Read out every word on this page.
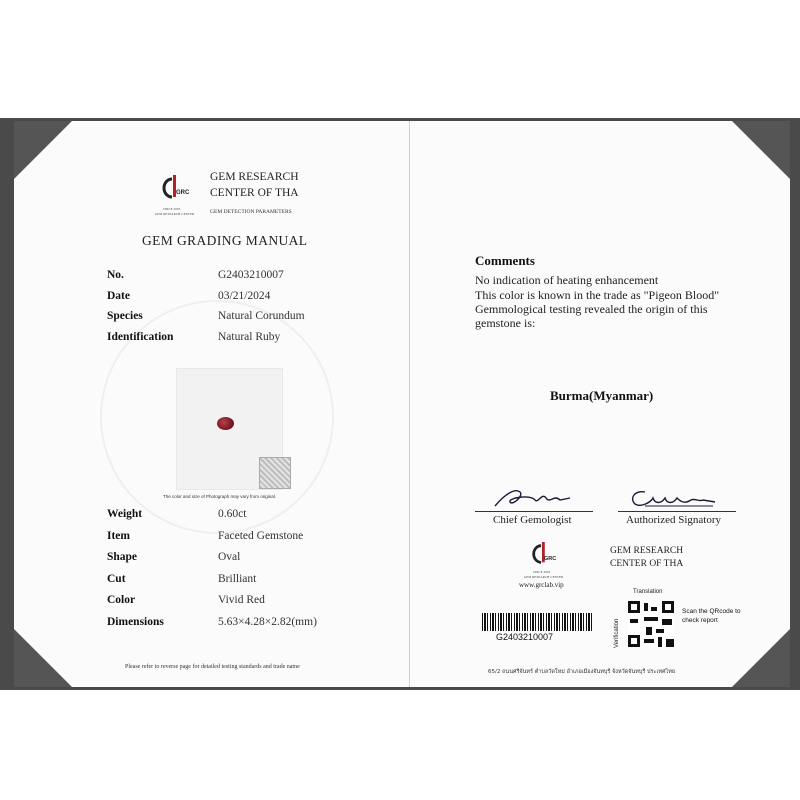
GRC
SINCE 2005
GEM RESEARCH CENTER
GEM RESEARCH
CENTER OF THA
GEM DETECTION PARAMETERS
GEM GRADING MANUAL
No.	G2403210007
Date	03/21/2024
Species	Natural Corundum
Identification	Natural Ruby
The color and size of Photograph may vary from original.
Weight	0.60ct
Item	Faceted Gemstone
Shape	Oval
Cut	Brilliant
Color	Vivid Red
Dimensions	5.63×4.28×2.82(mm)
Please refer to reverse page for detailed testing standards and trade name
Comments
No indication of heating enhancement
This color is known in the trade as "Pigeon Blood"
Gemmological testing revealed the origin of this
gemstone is:
Burma(Myanmar)
Chief Gemologist	Authorized Signatory
GRC
SINCE 2005
GEM RESEARCH CENTER
www.grclab.vip
GEM RESEARCH
CENTER OF THA
G2403210007
Translation
Verification
Scan the QRcode to check report
65/2 ถนนศรีจันทร์ ตำบลวัดใหม่ อำเภอเมืองจันทบุรี จังหวัดจันทบุรี ประเทศไทย
